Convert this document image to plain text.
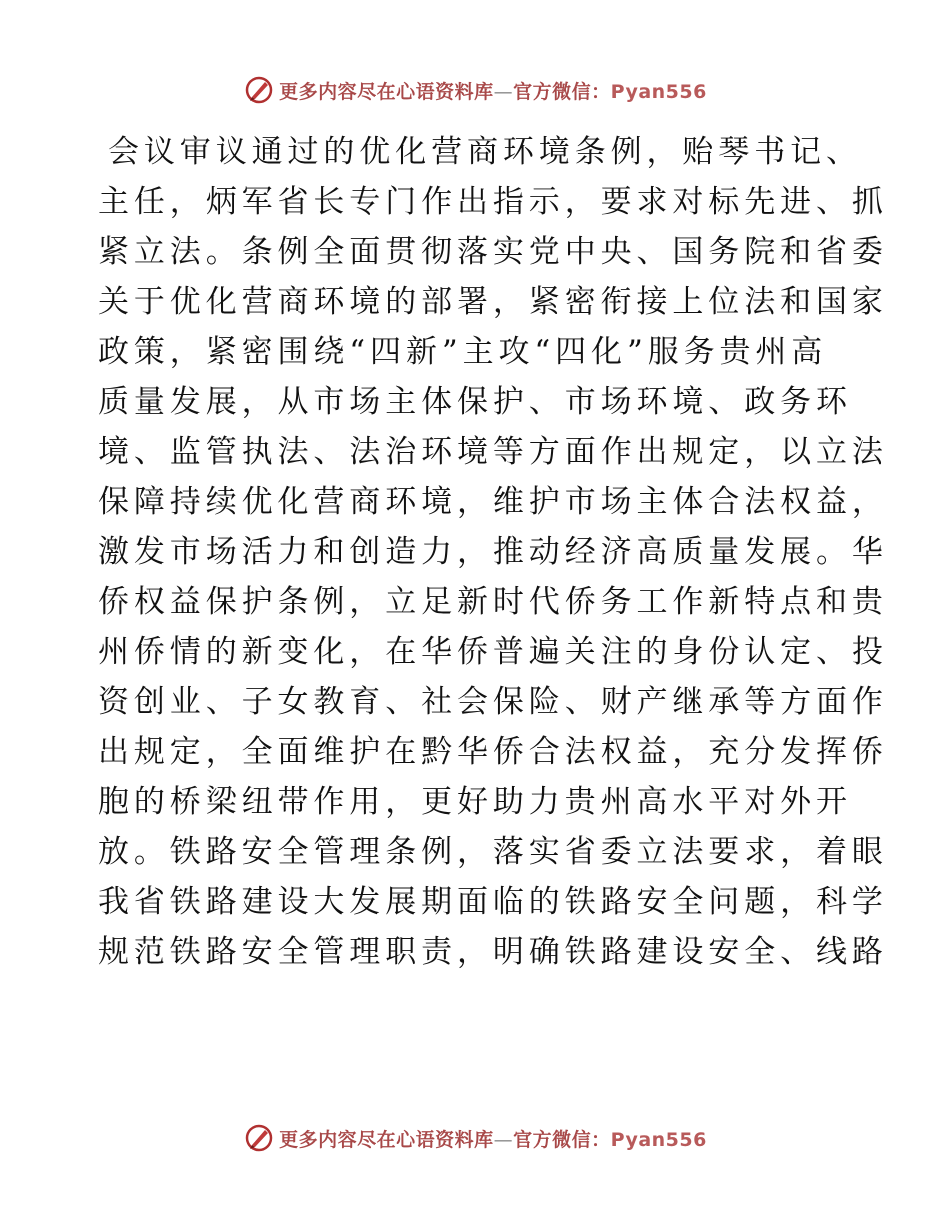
更多内容尽在心语资料库—官方微信：Pyan556
会议审议通过的优化营商环境条例，贻琴书记、
主任，炳军省长专门作出指示，要求对标先进、抓
紧立法。条例全面贯彻落实党中央、国务院和省委
关于优化营商环境的部署，紧密衔接上位法和国家
政策，紧密围绕“四新”主攻“四化”服务贵州高
质量发展，从市场主体保护、市场环境、政务环
境、监管执法、法治环境等方面作出规定，以立法
保障持续优化营商环境，维护市场主体合法权益，
激发市场活力和创造力，推动经济高质量发展。华
侨权益保护条例，立足新时代侨务工作新特点和贵
州侨情的新变化，在华侨普遍关注的身份认定、投
资创业、子女教育、社会保险、财产继承等方面作
出规定，全面维护在黔华侨合法权益，充分发挥侨
胞的桥梁纽带作用，更好助力贵州高水平对外开
放。铁路安全管理条例，落实省委立法要求，着眼
我省铁路建设大发展期面临的铁路安全问题，科学
规范铁路安全管理职责，明确铁路建设安全、线路
更多内容尽在心语资料库—官方微信：Pyan556
